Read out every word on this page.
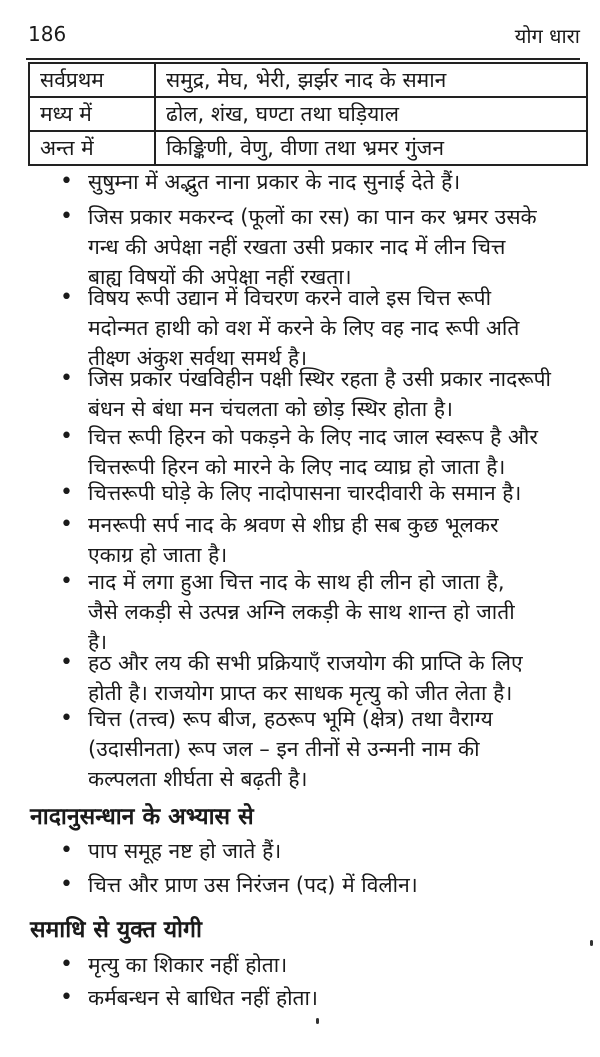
186	योग धारा
सर्वप्रथम	समुद्र, मेघ, भेरी, झर्झर नाद के समान
मध्य में	ढोल, शंख, घण्टा तथा घड़ियाल
अन्त में	किङ्किणी, वेणु, वीणा तथा भ्रमर गुंजन
• सुषुम्ना में अद्भुत नाना प्रकार के नाद सुनाई देते हैं।
• जिस प्रकार मकरन्द (फूलों का रस) का पान कर भ्रमर उसके
गन्ध की अपेक्षा नहीं रखता उसी प्रकार नाद में लीन चित्त
बाह्य विषयों की अपेक्षा नहीं रखता।
• विषय रूपी उद्यान में विचरण करने वाले इस चित्त रूपी
मदोन्मत हाथी को वश में करने के लिए वह नाद रूपी अति
तीक्ष्ण अंकुश सर्वथा समर्थ है।
• जिस प्रकार पंखविहीन पक्षी स्थिर रहता है उसी प्रकार नादरूपी
बंधन से बंधा मन चंचलता को छोड़ स्थिर होता है।
• चित्त रूपी हिरन को पकड़ने के लिए नाद जाल स्वरूप है और
चित्तरूपी हिरन को मारने के लिए नाद व्याघ्र हो जाता है।
• चित्तरूपी घोड़े के लिए नादोपासना चारदीवारी के समान है।
• मनरूपी सर्प नाद के श्रवण से शीघ्र ही सब कुछ भूलकर
एकाग्र हो जाता है।
• नाद में लगा हुआ चित्त नाद के साथ ही लीन हो जाता है,
जैसे लकड़ी से उत्पन्न अग्नि लकड़ी के साथ शान्त हो जाती
है।
• हठ और लय की सभी प्रक्रियाएँ राजयोग की प्राप्ति के लिए
होती है। राजयोग प्राप्त कर साधक मृत्यु को जीत लेता है।
• चित्त (तत्त्व) रूप बीज, हठरूप भूमि (क्षेत्र) तथा वैराग्य
(उदासीनता) रूप जल – इन तीनों से उन्मनी नाम की
कल्पलता शीर्घता से बढ़ती है।
नादानुसन्धान के अभ्यास से
• पाप समूह नष्ट हो जाते हैं।
• चित्त और प्राण उस निरंजन (पद) में विलीन।
समाधि से युक्त योगी
• मृत्यु का शिकार नहीं होता।
• कर्मबन्धन से बाधित नहीं होता।
